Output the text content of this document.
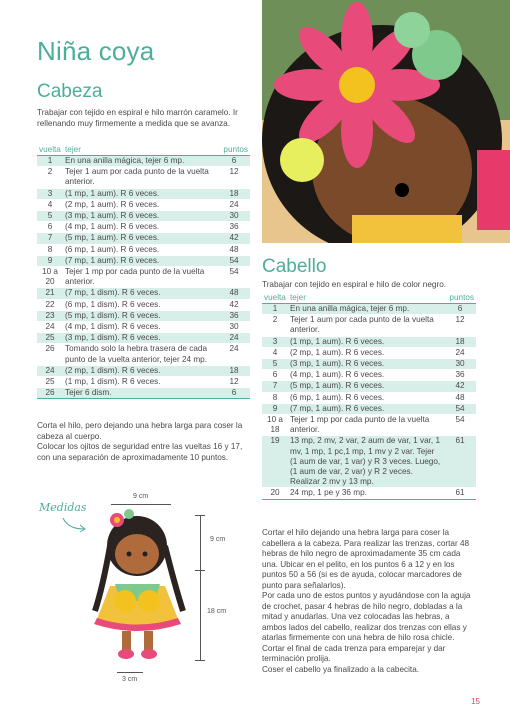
Niña coya
Cabeza
Trabajar con tejido en espiral e hilo marrón caramelo. Ir rellenando muy firmemente a medida que se avanza.
vuelta	tejer	puntos
1	En una anilla mágica, tejer 6 mp.	6
2	Tejer 1 aum por cada punto de la vuelta anterior.	12
3	(1 mp, 1 aum). R 6 veces.	18
4	(2 mp, 1 aum). R 6 veces.	24
5	(3 mp, 1 aum). R 6 veces.	30
6	(4 mp, 1 aum). R 6 veces.	36
7	(5 mp, 1 aum). R 6 veces.	42
8	(6 mp, 1 aum). R 6 veces.	48
9	(7 mp, 1 aum). R 6 veces.	54
10 a 20	Tejer 1 mp por cada punto de la vuelta anterior.	54
21	(7 mp, 1 dism). R 6 veces.	48
22	(6 mp, 1 dism). R 6 veces.	42
23	(5 mp, 1 dism). R 6 veces.	36
24	(4 mp, 1 dism). R 6 veces.	30
25	(3 mp, 1 dism). R 6 veces.	24
26	Tomando solo la hebra trasera de cada punto de la vuelta anterior, tejer 24 mp.	24
24	(2 mp, 1 dism). R 6 veces.	18
25	(1 mp, 1 dism). R 6 veces.	12
26	Tejer 6 dism.	6
Corta el hilo, pero dejando una hebra larga para coser la cabeza al cuerpo.
Colocar los ojitos de seguridad entre las vueltas 16 y 17, con una separación de aproximadamente 10 puntos.
Medidas
9 cm
9 cm
18 cm
3 cm
Cabello
Trabajar con tejido en espiral e hilo de color negro.
vuelta	tejer	puntos
1	En una anilla mágica, tejer 6 mp.	6
2	Tejer 1 aum por cada punto de la vuelta anterior.	12
3	(1 mp, 1 aum). R 6 veces.	18
4	(2 mp, 1 aum). R 6 veces.	24
5	(3 mp, 1 aum). R 6 veces.	30
6	(4 mp, 1 aum). R 6 veces.	36
7	(5 mp, 1 aum). R 6 veces.	42
8	(6 mp, 1 aum). R 6 veces.	48
9	(7 mp, 1 aum). R 6 veces.	54
10 a 18	Tejer 1 mp por cada punto de la vuelta anterior.	54
19	13 mp, 2 mv, 2 var, 2 aum de var, 1 var, 1 mv, 1 mp, 1 pc,1 mp, 1 mv y 2 var. Tejer (1 aum de var, 1 var) y R 3 veces. Luego, (1 aum de var, 2 var) y R 2 veces. Realizar 2 mv y 13 mp.	61
20	24 mp, 1 pe y 36 mp.	61
Cortar el hilo dejando una hebra larga para coser la cabellera a la cabeza. Para realizar las trenzas, cortar 48 hebras de hilo negro de aproximadamente 35 cm cada una. Ubicar en el pelito, en los puntos 6 a 12 y en los puntos 50 a 56 (si es de ayuda, colocar marcadores de punto para señalarlos).
Por cada uno de estos puntos y ayudándose con la aguja de crochet, pasar 4 hebras de hilo negro, dobladas a la mitad y anudarlas. Una vez colocadas las hebras, a ambos lados del cabello, realizar dos trenzas con ellas y atarlas firmemente con una hebra de hilo rosa chicle. Cortar el final de cada trenza para emparejar y dar terminación prolija.
Coser el cabello ya finalizado a la cabecita.
15
